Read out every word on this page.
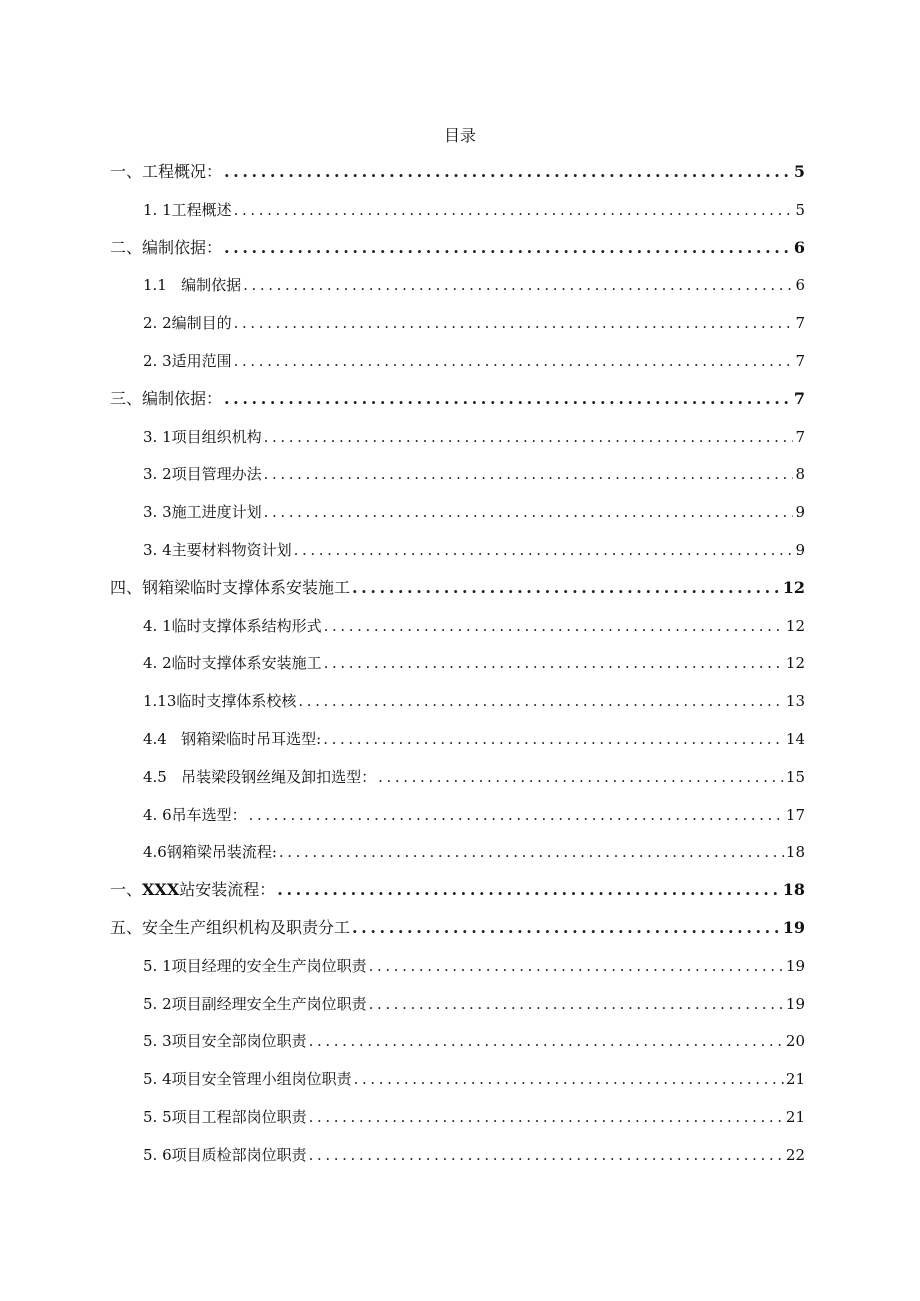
目录
一、工程概况： .....	5
1. 1工程概述 .....	5
二、编制依据： .....	6
1.1   编制依据 .....	6
2. 2编制目的 .....	7
2. 3适用范围 .....	7
三、编制依据： .....	7
3. 1项目组织机构 .....	7
3. 2项目管理办法 .....	8
3. 3施工进度计划 .....	9
3. 4主要材料物资计划 .....	9
四、钢箱梁临时支撑体系安装施工 .....	12
4. 1临时支撑体系结构形式 .....	12
4. 2临时支撑体系安装施工 .....	12
1.13临时支撑体系校核 .....	13
4.4   钢箱梁临时吊耳选型: .....	14
4.5   吊装梁段钢丝绳及卸扣选型： .....	15
4. 6吊车选型： .....	17
4.6钢箱梁吊装流程: .....	18
一、XXX站安装流程： .....	18
五、安全生产组织机构及职责分工 .....	19
5. 1项目经理的安全生产岗位职责 .....	19
5. 2项目副经理安全生产岗位职责 .....	19
5. 3项目安全部岗位职责 .....	20
5. 4项目安全管理小组岗位职责 .....	21
5. 5项目工程部岗位职责 .....	21
5. 6项目质检部岗位职责 .....	22
